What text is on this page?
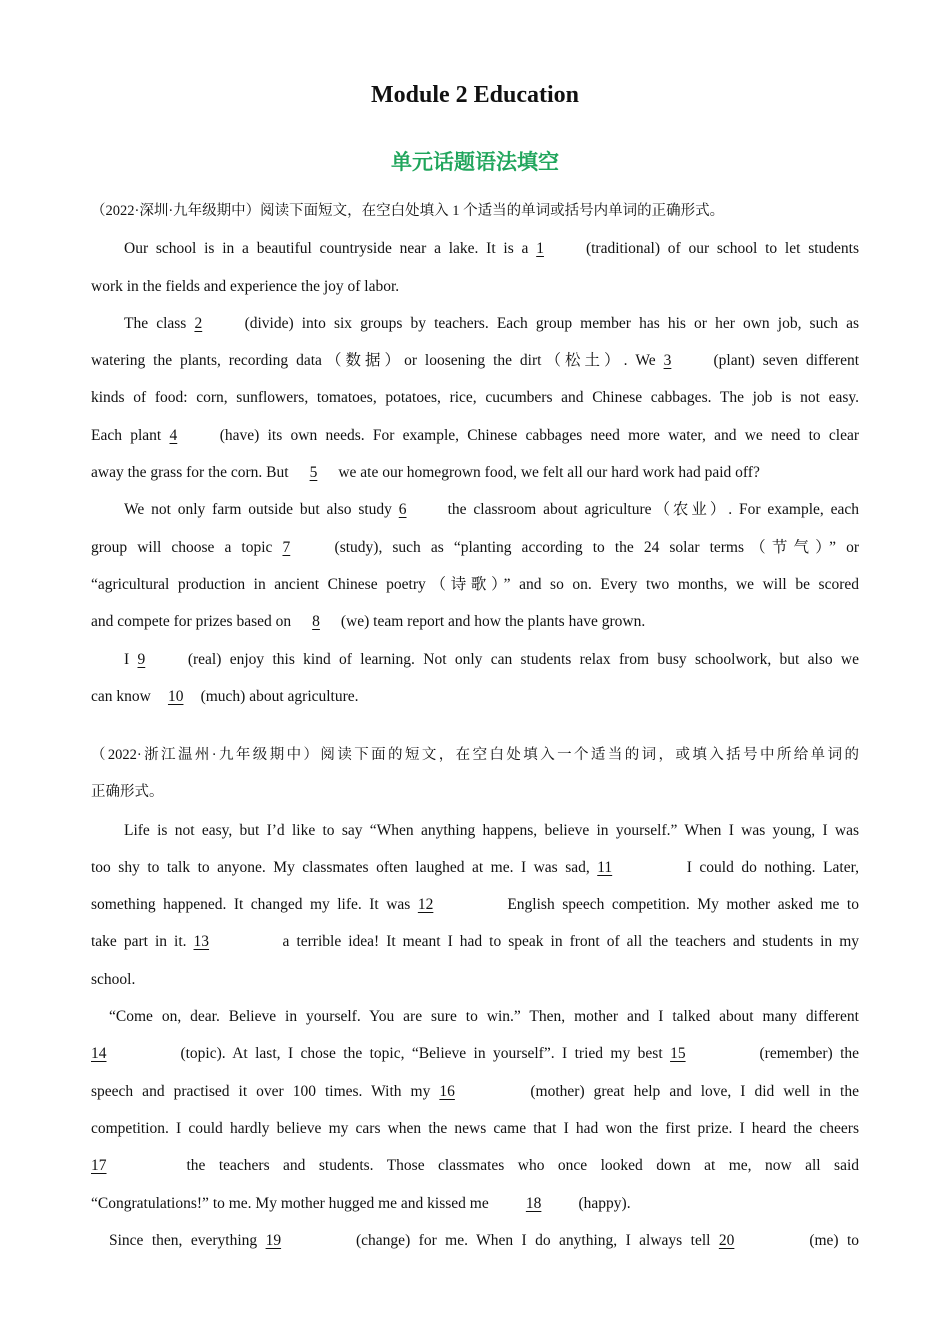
Module 2 Education
单元话题语法填空
（2022·深圳·九年级期中）阅读下面短文，在空白处填入 1 个适当的单词或括号内单词的正确形式。
Our school is in a beautiful countryside near a lake. It is a 1	(traditional) of our school to let students
work in the fields and experience the joy of labor.
The class 2	(divide) into six groups by teachers. Each group member has his or her own job, such as
watering the plants, recording data（数据）or loosening the dirt（松土）. We 3	(plant) seven different
kinds of food: corn, sunflowers, tomatoes, potatoes, rice, cucumbers and Chinese cabbages. The job is not easy.
Each plant 4	(have) its own needs. For example, Chinese cabbages need more water, and we need to clear
away the grass for the corn. But 5 we ate our homegrown food, we felt all our hard work had paid off?
We not only farm outside but also study 6	the classroom about agriculture（农业）. For example, each
group will choose a topic 7	(study), such as “planting according to the 24 solar terms（节气）” or
“agricultural production in ancient Chinese poetry（诗歌）” and so on. Every two months, we will be scored
and compete for prizes based on 8 (we) team report and how the plants have grown.
I 9	(real) enjoy this kind of learning. Not only can students relax from busy schoolwork, but also we
can know 10 (much) about agriculture.
（2022·浙江温州·九年级期中）阅读下面的短文，在空白处填入一个适当的词，或填入括号中所给单词的
正确形式。
Life is not easy, but I’d like to say “When anything happens, believe in yourself.” When I was young, I was
too shy to talk to anyone. My classmates often laughed at me. I was sad, 11	I could do nothing. Later,
something happened. It changed my life. It was 12	English speech competition. My mother asked me to
take part in it. 13	a terrible idea! It meant I had to speak in front of all the teachers and students in my
school.
“Come on, dear. Believe in yourself. You are sure to win.” Then, mother and I talked about many different
14	(topic). At last, I chose the topic, “Believe in yourself”. I tried my best 15	(remember) the
speech and practised it over 100 times. With my 16	(mother) great help and love, I did well in the
competition. I could hardly believe my cars when the news came that I had won the first prize. I heard the cheers
17	the teachers and students. Those classmates who once looked down at me, now all said
“Congratulations!” to me. My mother hugged me and kissed me 18 (happy).
Since then, everything 19	(change) for me. When I do anything, I always tell 20	(me) to
